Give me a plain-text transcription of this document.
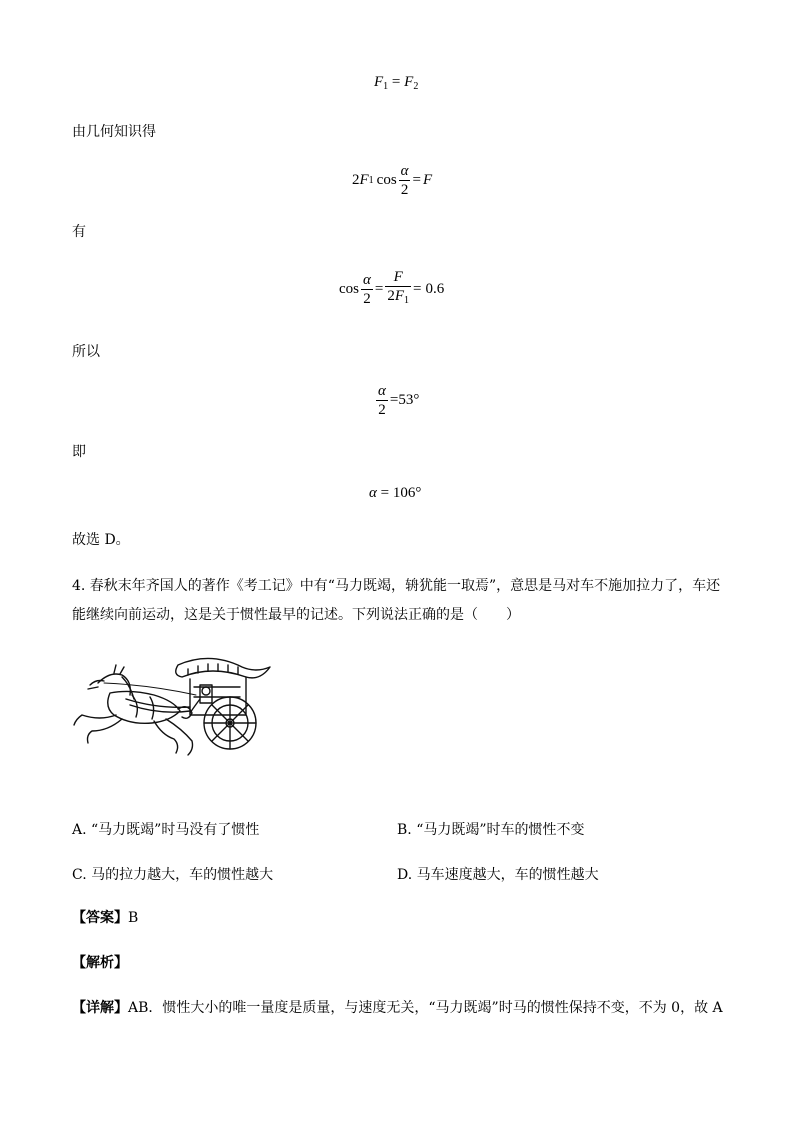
$F_1 = F_2$
由几何知识得
2 F 1 $\cos \frac{\alpha}{2} = F$
有
$\cos \frac{\alpha}{2} = \frac{F}{2F_1} = 0.6$
所以
$\frac{\alpha}{2} =53^\circ$
即
α = 106°
故选 D。
4. 春秋末年齐国人的著作《考工记》中有“马力既竭，辀犹能一取焉”，意思是马对车不施加拉力了，车还
能继续向前运动，这是关于惯性最早的记述。下列说法正确的是（　　）
A. “马力既竭”时马没有了惯性	B. “马力既竭”时车的惯性不变
C. 马的拉力越大，车的惯性越大	D. 马车速度越大，车的惯性越大
【答案】B
【解析】
【详解】AB．惯性大小的唯一量度是质量，与速度无关，“马力既竭”时马的惯性保持不变，不为 0，故 A
